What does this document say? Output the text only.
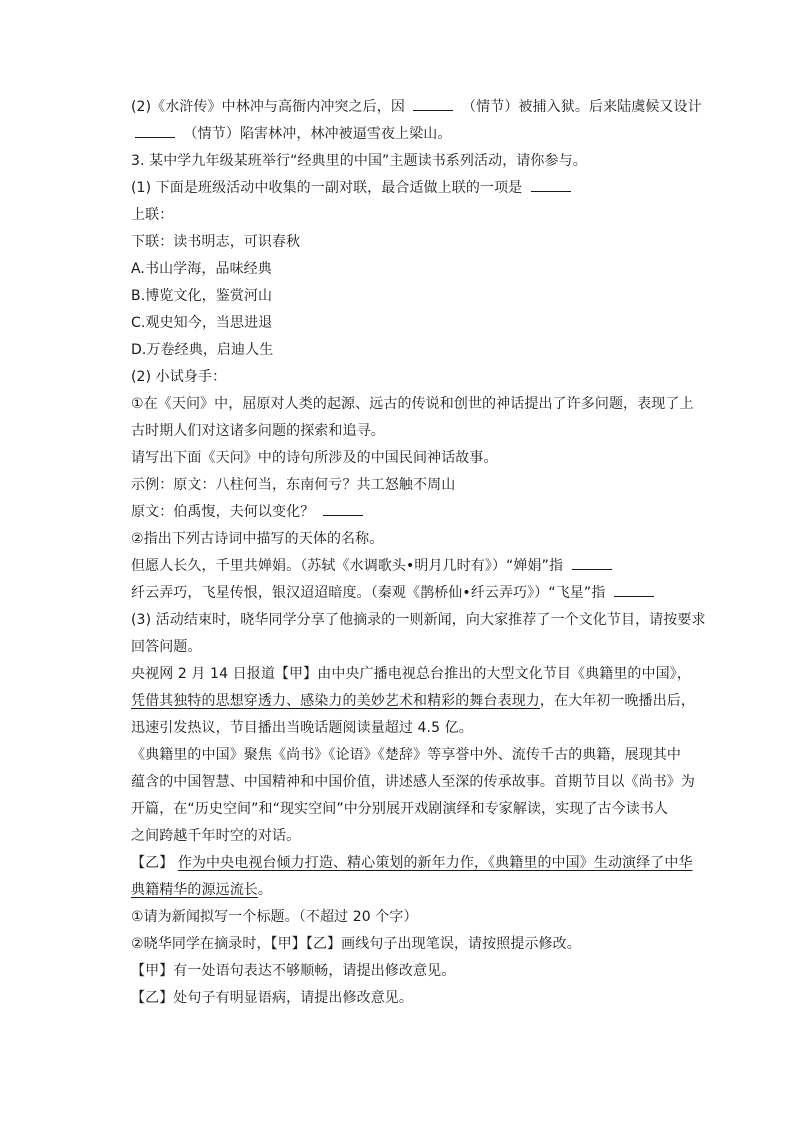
(2)《水浒传》中林冲与高衙内冲突之后，因	（情节）被捕入狱。后来陆虞候又设计
（情节）陷害林冲，林冲被逼雪夜上梁山。
3. 某中学九年级某班举行“经典里的中国”主题读书系列活动，请你参与。
(1) 下面是班级活动中收集的一副对联，最合适做上联的一项是
上联：
下联：读书明志，可识春秋
A.书山学海，品味经典
B.博览文化，鉴赏河山
C.观史知今，当思进退
D.万卷经典，启迪人生
(2) 小试身手：
①在《天问》中，屈原对人类的起源、远古的传说和创世的神话提出了许多问题，表现了上
古时期人们对这诸多问题的探索和追寻。
请写出下面《天问》中的诗句所涉及的中国民间神话故事。
示例：原文：八柱何当，东南何亏？共工怒触不周山
原文：伯禹愎，夫何以变化？
②指出下列古诗词中描写的天体的名称。
但愿人长久，千里共婵娟。（苏轼《水调歌头•明月几时有》）“婵娟”指
纤云弄巧，飞星传恨，银汉迢迢暗度。（秦观《鹊桥仙•纤云弄巧》）“飞星”指
(3) 活动结束时，晓华同学分享了他摘录的一则新闻，向大家推荐了一个文化节目，请按要求
回答问题。
央视网 2 月 14 日报道【甲】由中央广播电视总台推出的大型文化节目《典籍里的中国》，
凭借其独特的思想穿透力、感染力的美妙艺术和精彩的舞台表现力，在大年初一晚播出后，
迅速引发热议，节目播出当晚话题阅读量超过 4.5 亿。
《典籍里的中国》聚焦《尚书》《论语》《楚辞》等享誉中外、流传千古的典籍，展现其中
蕴含的中国智慧、中国精神和中国价值，讲述感人至深的传承故事。首期节目以《尚书》为
开篇，在“历史空间”和“现实空间”中分别展开戏剧演绎和专家解读，实现了古今读书人
之间跨越千年时空的对话。
【乙】 作为中央电视台倾力打造、精心策划的新年力作，《典籍里的中国》生动演绎了中华
典籍精华的源远流长。
①请为新闻拟写一个标题。（不超过 20 个字）
②晓华同学在摘录时，【甲】【乙】画线句子出现笔误，请按照提示修改。
【甲】有一处语句表达不够顺畅，请提出修改意见。
【乙】处句子有明显语病，请提出修改意见。
